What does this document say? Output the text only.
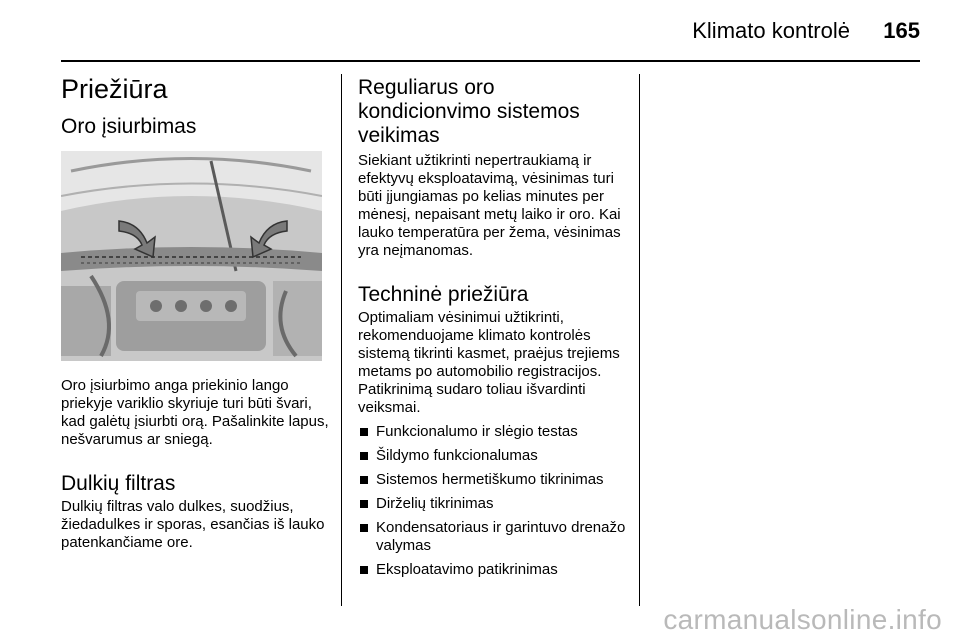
Klimato kontrolė 165
Priežiūra
Oro įsiurbimas

Oro įsiurbimo anga priekinio lango priekyje variklio skyriuje turi būti švari, kad galėtų įsiurbti orą. Pašalinkite lapus, nešvarumus ar sniegą.

Dulkių filtras

Dulkių filtras valo dulkes, suodžius, žiedadulkes ir sporas, esančias iš lauko patenkančiame ore.

Reguliarus oro kondicionvimo sistemos veikimas

Siekiant užtikrinti nepertraukiamą ir efektyvų eksploatavimą, vėsinimas turi būti įjungiamas po kelias minutes per mėnesį, nepaisant metų laiko ir oro. Kai lauko temperatūra per žema, vėsinimas yra neįmanomas.

Techninė priežiūra

Optimaliam vėsinimui užtikrinti, rekomenduojame klimato kontrolės sistemą tikrinti kasmet, praėjus trejiems metams po automobilio registracijos. Patikrinimą sudaro toliau išvardinti veiksmai.

Funkcionalumo ir slėgio testas
Šildymo funkcionalumas
Sistemos hermetiškumo tikrinimas
Dirželių tikrinimas
Kondensatoriaus ir garintuvo drenažo valymas
Eksploatavimo patikrinimas
carmanualsonline.info
